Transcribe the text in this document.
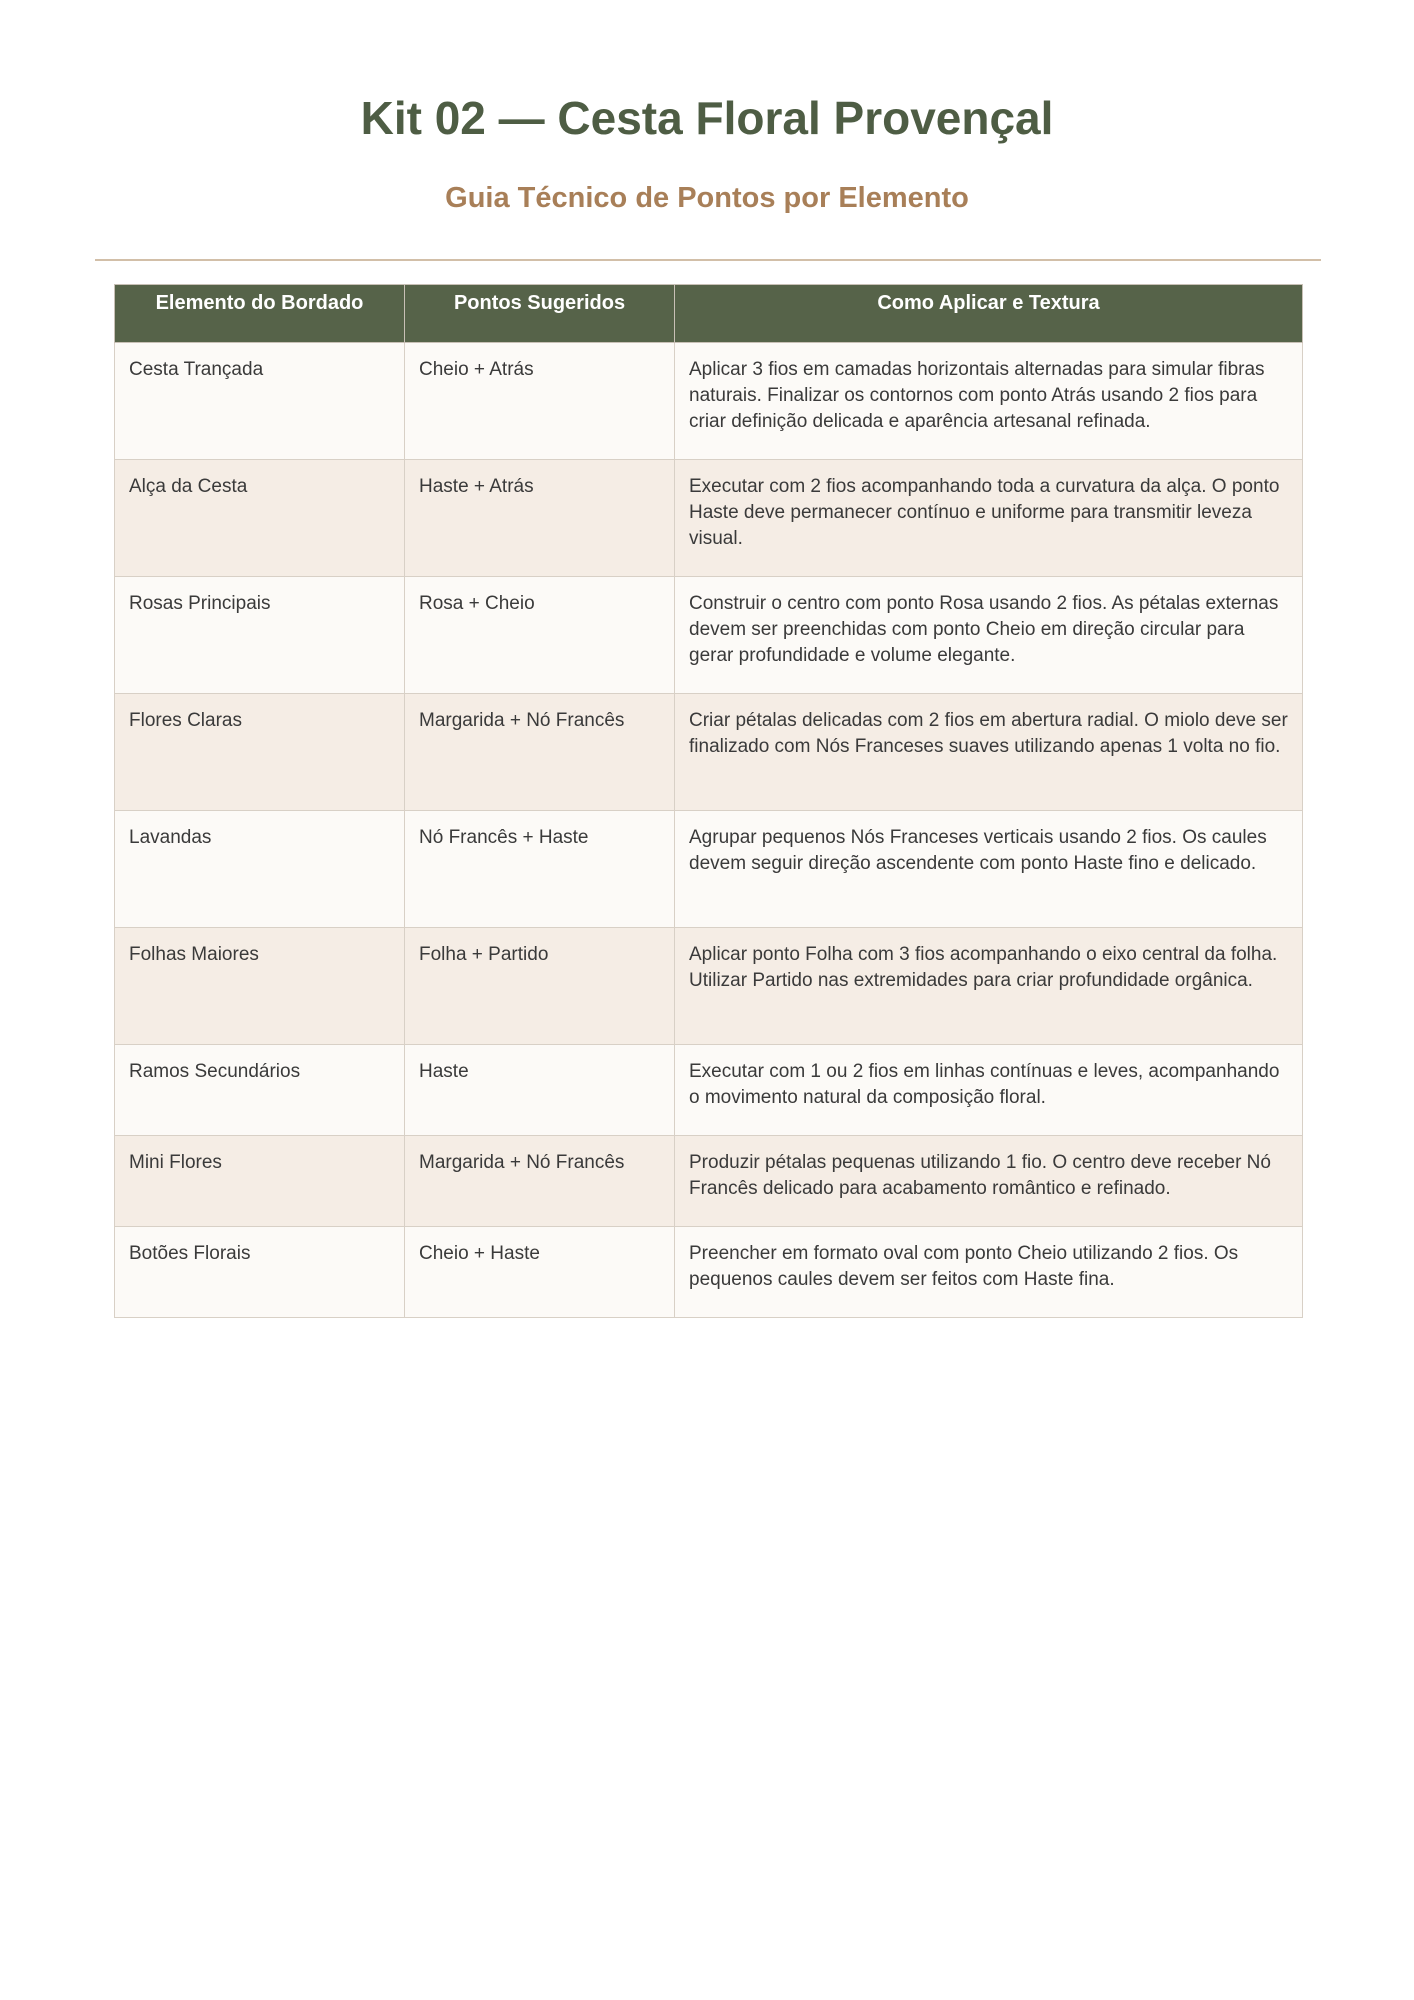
Kit 02 — Cesta Floral Provençal
Guia Técnico de Pontos por Elemento
Elemento do Bordado	Pontos Sugeridos	Como Aplicar e Textura
Cesta Trançada	Cheio + Atrás	Aplicar 3 fios em camadas horizontais alternadas para simular fibras naturais. Finalizar os contornos com ponto Atrás usando 2 fios para criar definição delicada e aparência artesanal refinada.
Alça da Cesta	Haste + Atrás	Executar com 2 fios acompanhando toda a curvatura da alça. O ponto Haste deve permanecer contínuo e uniforme para transmitir leveza visual.
Rosas Principais	Rosa + Cheio	Construir o centro com ponto Rosa usando 2 fios. As pétalas externas devem ser preenchidas com ponto Cheio em direção circular para gerar profundidade e volume elegante.
Flores Claras	Margarida + Nó Francês	Criar pétalas delicadas com 2 fios em abertura radial. O miolo deve ser finalizado com Nós Franceses suaves utilizando apenas 1 volta no fio.
Lavandas	Nó Francês + Haste	Agrupar pequenos Nós Franceses verticais usando 2 fios. Os caules devem seguir direção ascendente com ponto Haste fino e delicado.
Folhas Maiores	Folha + Partido	Aplicar ponto Folha com 3 fios acompanhando o eixo central da folha. Utilizar Partido nas extremidades para criar profundidade orgânica.
Ramos Secundários	Haste	Executar com 1 ou 2 fios em linhas contínuas e leves, acompanhando o movimento natural da composição floral.
Mini Flores	Margarida + Nó Francês	Produzir pétalas pequenas utilizando 1 fio. O centro deve receber Nó Francês delicado para acabamento romântico e refinado.
Botões Florais	Cheio + Haste	Preencher em formato oval com ponto Cheio utilizando 2 fios. Os pequenos caules devem ser feitos com Haste fina.
